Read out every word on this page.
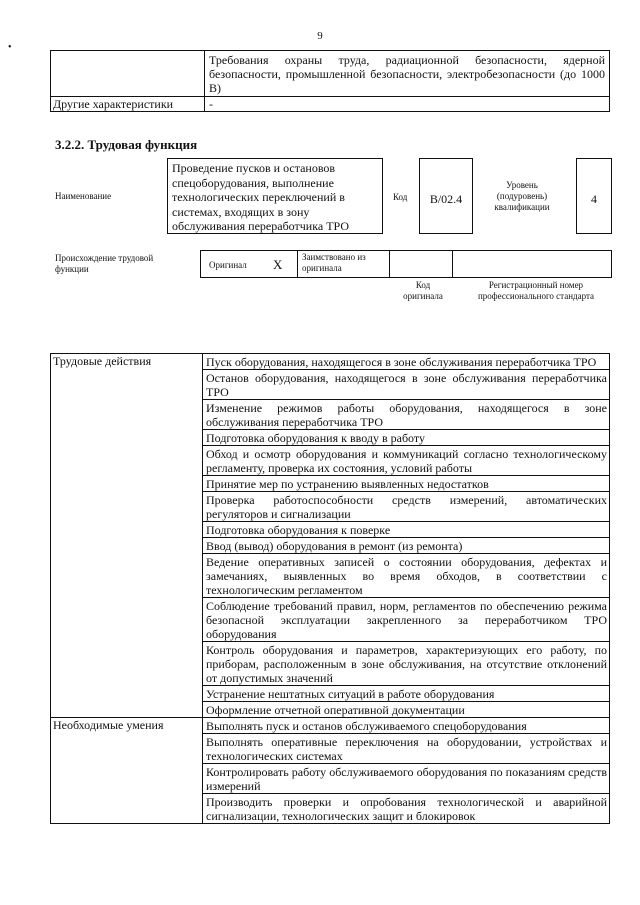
9
•
	Требования охраны труда, радиационной безопасности, ядерной безопасности, промышленной безопасности, электробезопасности (до 1000 В)
Другие характеристики	-
3.2.2. Трудовая функция
Наименование
Проведение пусков и остановов спецоборудования, выполнение технологических переключений в системах, входящих в зону обслуживания переработчика ТРО
Код	B/02.4
Уровень (подуровень) квалификации
4
Происхождение трудовой функции	Оригинал X	Заимствовано из оригинала
Код оригинала
Регистрационный номер профессионального стандарта
Трудовые действия	Пуск оборудования, находящегося в зоне обслуживания переработчика ТРО
	Останов оборудования, находящегося в зоне обслуживания переработчика ТРО
	Изменение режимов работы оборудования, находящегося в зоне обслуживания переработчика ТРО
	Подготовка оборудования к вводу в работу
	Обход и осмотр оборудования и коммуникаций согласно технологическому регламенту, проверка их состояния, условий работы
	Принятие мер по устранению выявленных недостатков
	Проверка работоспособности средств измерений, автоматических регуляторов и сигнализации
	Подготовка оборудования к поверке
	Ввод (вывод) оборудования в ремонт (из ремонта)
	Ведение оперативных записей о состоянии оборудования, дефектах и замечаниях, выявленных во время обходов, в соответствии с технологическим регламентом
	Соблюдение требований правил, норм, регламентов по обеспечению режима безопасной эксплуатации закрепленного за переработчиком ТРО оборудования
	Контроль оборудования и параметров, характеризующих его работу, по приборам, расположенным в зоне обслуживания, на отсутствие отклонений от допустимых значений
	Устранение нештатных ситуаций в работе оборудования
	Оформление отчетной оперативной документации
Необходимые умения	Выполнять пуск и останов обслуживаемого спецоборудования
	Выполнять оперативные переключения на оборудовании, устройствах и технологических системах
	Контролировать работу обслуживаемого оборудования по показаниям средств измерений
	Производить проверки и опробования технологической и аварийной сигнализации, технологических защит и блокировок
